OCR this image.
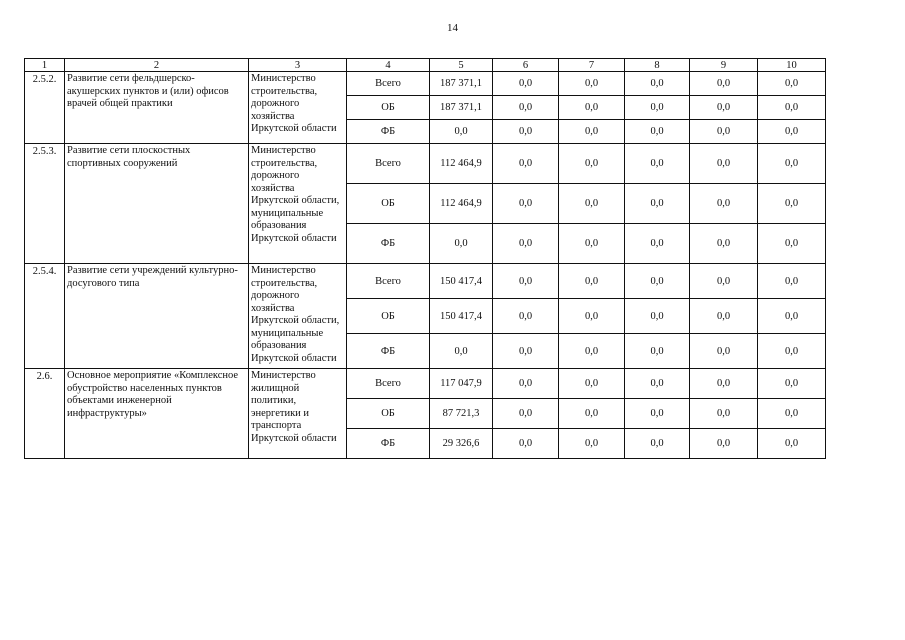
14
1	2	3	4	5	6	7	8	9	10
2.5.2.	Развитие сети фельдшерско-акушерских пунктов и (или) офисов врачей общей практики	Министерство строительства, дорожного хозяйства Иркутской области	Всего	187 371,1	0,0	0,0	0,0	0,0	0,0
			ОБ	187 371,1	0,0	0,0	0,0	0,0	0,0
			ФБ	0,0	0,0	0,0	0,0	0,0	0,0
2.5.3.	Развитие сети плоскостных спортивных сооружений	Министерство строительства, дорожного хозяйства Иркутской области, муниципальные образования Иркутской области	Всего	112 464,9	0,0	0,0	0,0	0,0	0,0
			ОБ	112 464,9	0,0	0,0	0,0	0,0	0,0
			ФБ	0,0	0,0	0,0	0,0	0,0	0,0
2.5.4.	Развитие сети учреждений культурно-досугового типа	Министерство строительства, дорожного хозяйства Иркутской области, муниципальные образования Иркутской области	Всего	150 417,4	0,0	0,0	0,0	0,0	0,0
			ОБ	150 417,4	0,0	0,0	0,0	0,0	0,0
			ФБ	0,0	0,0	0,0	0,0	0,0	0,0
2.6.	Основное мероприятие «Комплексное обустройство населенных пунктов объектами инженерной инфраструктуры»	Министерство жилищной политики, энергетики и транспорта Иркутской области	Всего	117 047,9	0,0	0,0	0,0	0,0	0,0
			ОБ	87 721,3	0,0	0,0	0,0	0,0	0,0
			ФБ	29 326,6	0,0	0,0	0,0	0,0	0,0
